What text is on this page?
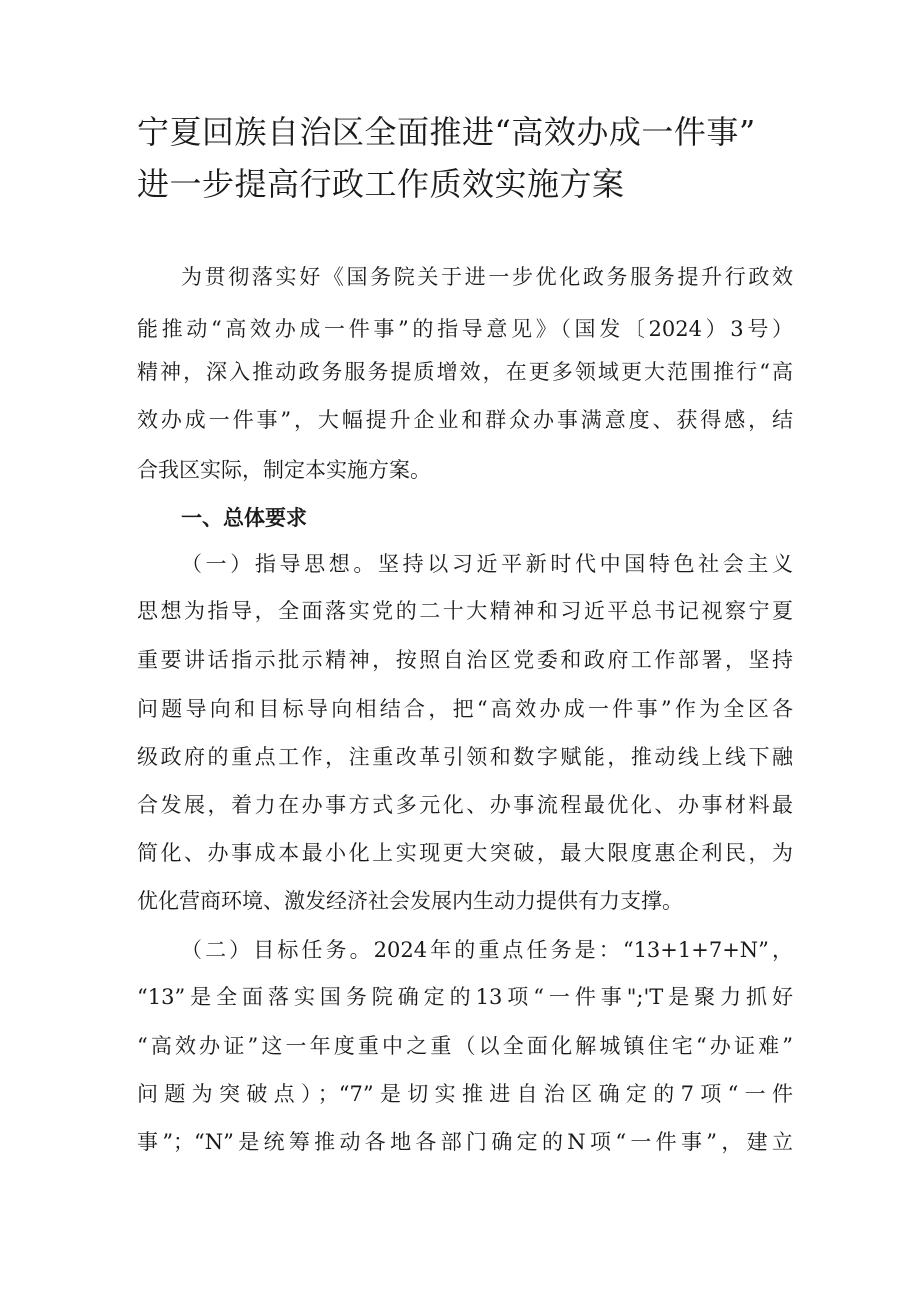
宁夏回族自治区全面推进“高效办成一件事”
进一步提高行政工作质效实施方案
为贯彻落实好《国务院关于进一步优化政务服务提升行政效
能推动“高效办成一件事”的指导意见》（国发〔2024）3号）
精神，深入推动政务服务提质增效，在更多领域更大范围推行“高
效办成一件事”，大幅提升企业和群众办事满意度、获得感，结
合我区实际，制定本实施方案。
一、总体要求
（一）指导思想。坚持以习近平新时代中国特色社会主义
思想为指导，全面落实党的二十大精神和习近平总书记视察宁夏
重要讲话指示批示精神，按照自治区党委和政府工作部署，坚持
问题导向和目标导向相结合，把“高效办成一件事”作为全区各
级政府的重点工作，注重改革引领和数字赋能，推动线上线下融
合发展，着力在办事方式多元化、办事流程最优化、办事材料最
简化、办事成本最小化上实现更大突破，最大限度惠企利民，为
优化营商环境、激发经济社会发展内生动力提供有力支撑。
（二）目标任务。2024年的重点任务是：“13+1+7+N”，
“13”是全面落实国务院确定的13项“一件事";'T是聚力抓好
“高效办证”这一年度重中之重（以全面化解城镇住宅“办证难”
问题为突破点）；“7”是切实推进自治区确定的7项“一件
事”；“N”是统筹推动各地各部门确定的N项“一件事”，建立
